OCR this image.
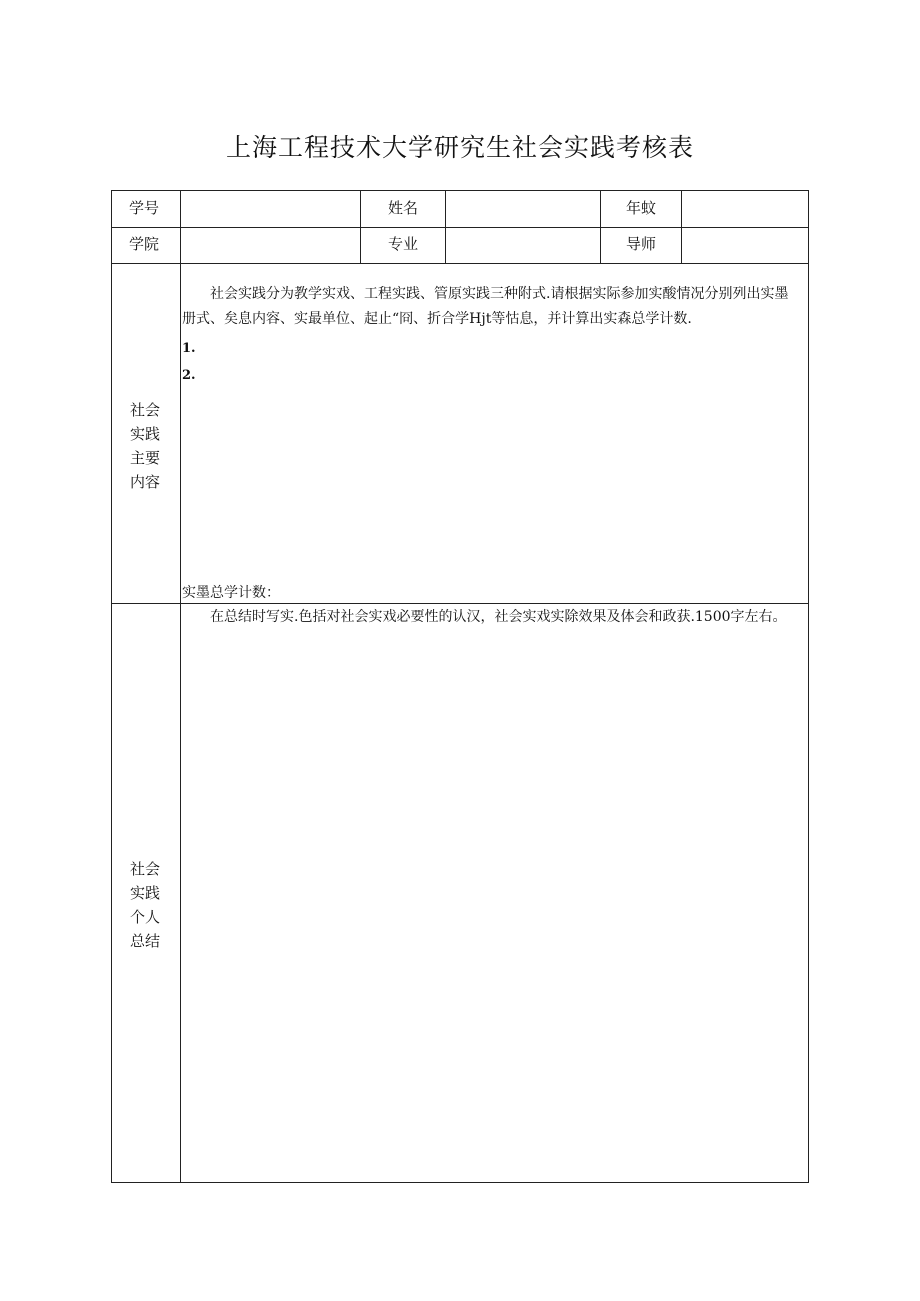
上海工程技术大学研究生社会实践考核表
学号	姓名	年蚊
学院	专业	导师
社会实践主要内容
社会实践分为教学实戏、工程实践、管原实践三种附式.请根据实际参加实酸情况分别列出实墨册式、矣息内容、实最单位、起止“冏、折合学Hjt等怙息，并计算出实森总学计数.
1.
2.
实墨总学计数：
社会实践个人总结
在总结时写实.色括对社会实戏必要性的认汉，社会实戏实除效果及体会和政获.1500字左右。
